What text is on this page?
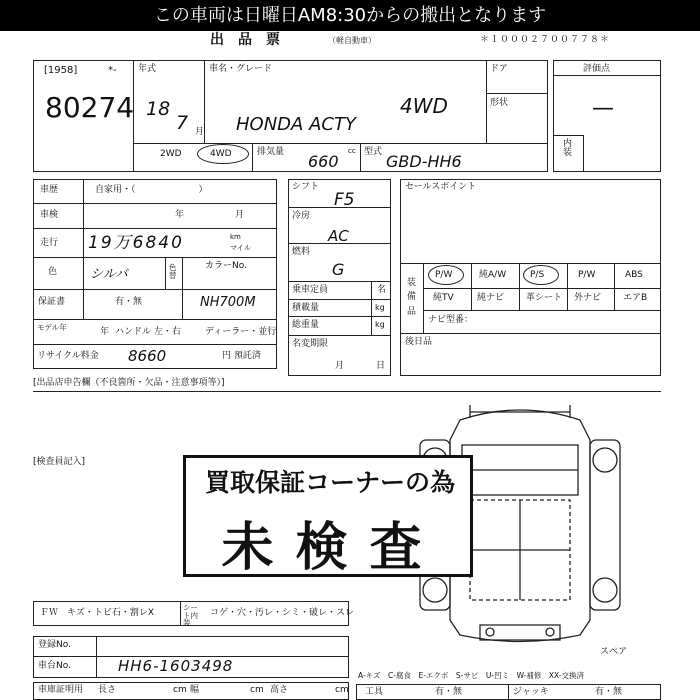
この車両は日曜日AM8:30からの搬出となります
出　品　票	（軽自動車）	＊１０００２７００７７８＊
[1958]	*-
80274
年式
18
7 月
車名・グレード
4WD
HONDA ACTY
ドア
形状
2WD	4WD	排気量	cc
660	型式 GBD-HH6
評価点
—
内装
車歴	自家用・（　　　　　　　）
車検	年	月
走行 19万6840	km
マイル
色	シルバ	色替
カラーNo.
NH700M
保証書	有・無
モデル年	年 ハンドル 左・右	ディーラー・並行
リサイクル料金 8660	円 預託済
シフト
F5
冷房
AC
燃料
G
乗車定員	名
積載量	kg
総重量	kg
名変期限
月	日
セールスポイント
装備品
P/W	純A/W	P/S	P/W	ABS
純TV	純ナビ 革シート 外ナビ エアB
ナビ型番：
後日品
[出品店申告欄（不良箇所・欠品・注意事項等）]
[検査員記入]
スペア
買取保証コーナーの為
未検査
ＦＷ　キズ・トビ石・割レX
シート内装
コゲ・穴・汚レ・シミ・破レ・スレ
登録No.
車台No.	HH6-1603498
A-キズ　C-腐食　E-エクボ　S-サビ　U-凹ミ　W-補修　XX-交換済
車庫証明用 長さ	cm 幅	cm 高さ	cm 工具	有・無	ジャッキ	有・無
